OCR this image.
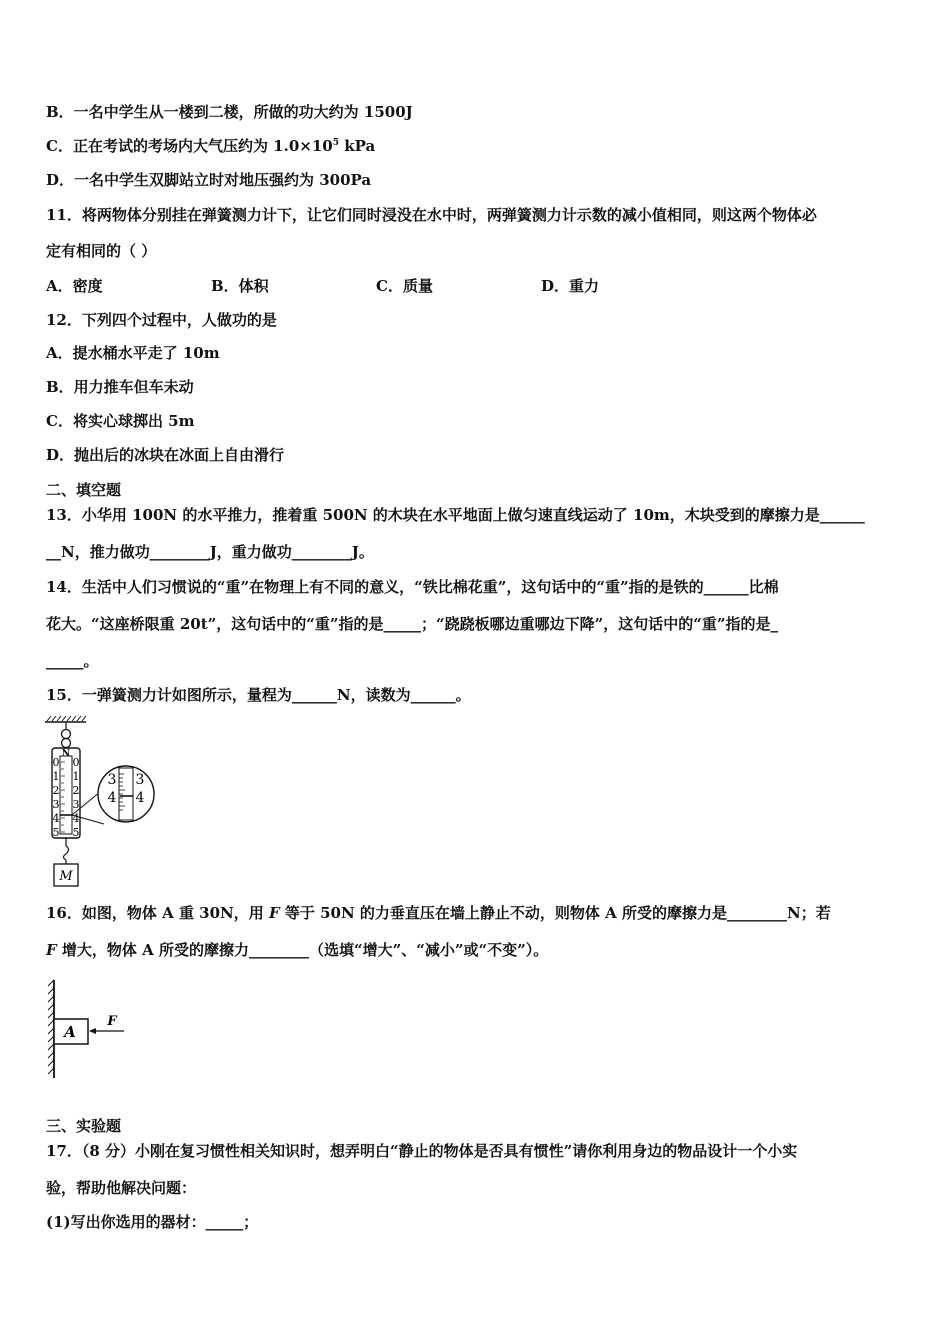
B．一名中学生从一楼到二楼，所做的功大约为 1500J
C．正在考试的考场内大气压约为 $1.0\times 10^5$ kPa
D．一名中学生双脚站立时对地压强约为 300Pa
11．将两物体分别挂在弹簧测力计下，让它们同时浸没在水中时，两弹簧测力计示数的减小值相同，则这两个物体必
定有相同的（ ）
A．密度	B．体积	C．质量	D．重力
12．下列四个过程中，人做功的是
A．提水桶水平走了 10m
B．用力推车但车未动
C．将实心球掷出 5m
D．抛出后的冰块在冰面上自由滑行
二、填空题
13．小华用 100N 的水平推力，推着重 500N 的木块在水平地面上做匀速直线运动了 10m，木块受到的摩擦力是______
__N，推力做功________J，重力做功________J。
14．生活中人们习惯说的“重”在物理上有不同的意义，“铁比棉花重”，这句话中的“重”指的是铁的______比棉
花大。“这座桥限重 20t”，这句话中的“重”指的是_____；“跷跷板哪边重哪边下降”，这句话中的“重”指的是_
_____。
15．一弹簧测力计如图所示，量程为______N，读数为______。
N
0
1
2
3
4
5
0
1
2
3
4
5
3
4
3
4
M
16．如图，物体 A 重 30N，用 F 等于 50N 的力垂直压在墙上静止不动，则物体 A 所受的摩擦力是________N；若
F 增大，物体 A 所受的摩擦力________（选填“增大”、“减小”或“不变”）。
A
F
三、实验题
17．（8 分）小刚在复习惯性相关知识时，想弄明白“静止的物体是否具有惯性”请你利用身边的物品设计一个小实
验，帮助他解决问题：
(1)写出你选用的器材：_____；
